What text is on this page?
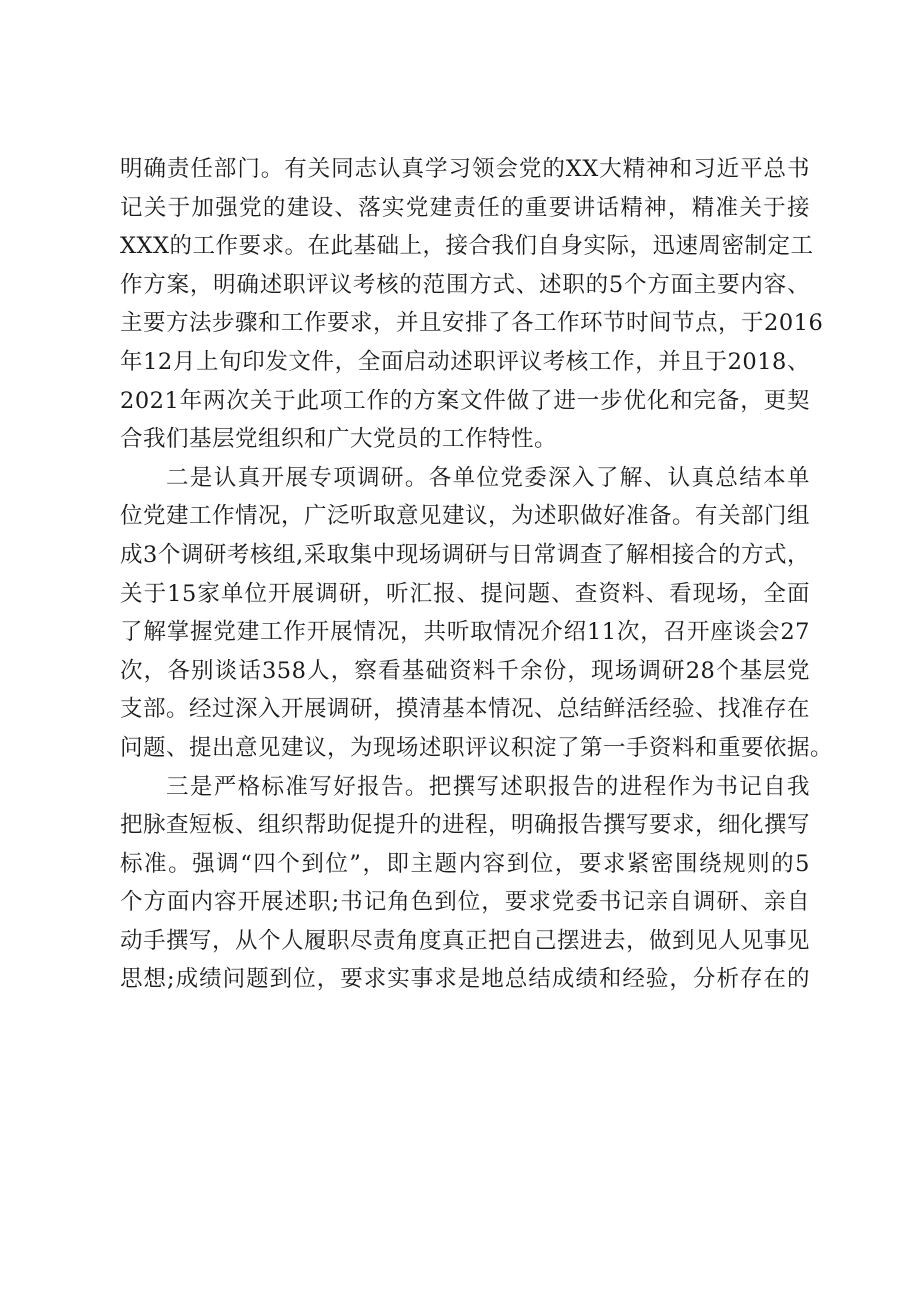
明确责任部门。有关同志认真学习领会党的XX大精神和习近平总书
记关于加强党的建设、落实党建责任的重要讲话精神，精准关于接
XXX的工作要求。在此基础上，接合我们自身实际，迅速周密制定工
作方案，明确述职评议考核的范围方式、述职的5个方面主要内容、
主要方法步骤和工作要求，并且安排了各工作环节时间节点，于2016
年12月上旬印发文件，全面启动述职评议考核工作，并且于2018、
2021年两次关于此项工作的方案文件做了进一步优化和完备，更契
合我们基层党组织和广大党员的工作特性。
二是认真开展专项调研。各单位党委深入了解、认真总结本单
位党建工作情况，广泛听取意见建议，为述职做好准备。有关部门组
成3个调研考核组,采取集中现场调研与日常调查了解相接合的方式，
关于15家单位开展调研，听汇报、提问题、查资料、看现场，全面
了解掌握党建工作开展情况，共听取情况介绍11次，召开座谈会27
次，各别谈话358人，察看基础资料千余份，现场调研28个基层党
支部。经过深入开展调研，摸清基本情况、总结鲜活经验、找准存在
问题、提出意见建议，为现场述职评议积淀了第一手资料和重要依据。
三是严格标准写好报告。把撰写述职报告的进程作为书记自我
把脉查短板、组织帮助促提升的进程，明确报告撰写要求，细化撰写
标准。强调“四个到位”，即主题内容到位，要求紧密围绕规则的5
个方面内容开展述职;书记角色到位，要求党委书记亲自调研、亲自
动手撰写，从个人履职尽责角度真正把自己摆进去，做到见人见事见
思想;成绩问题到位，要求实事求是地总结成绩和经验，分析存在的
